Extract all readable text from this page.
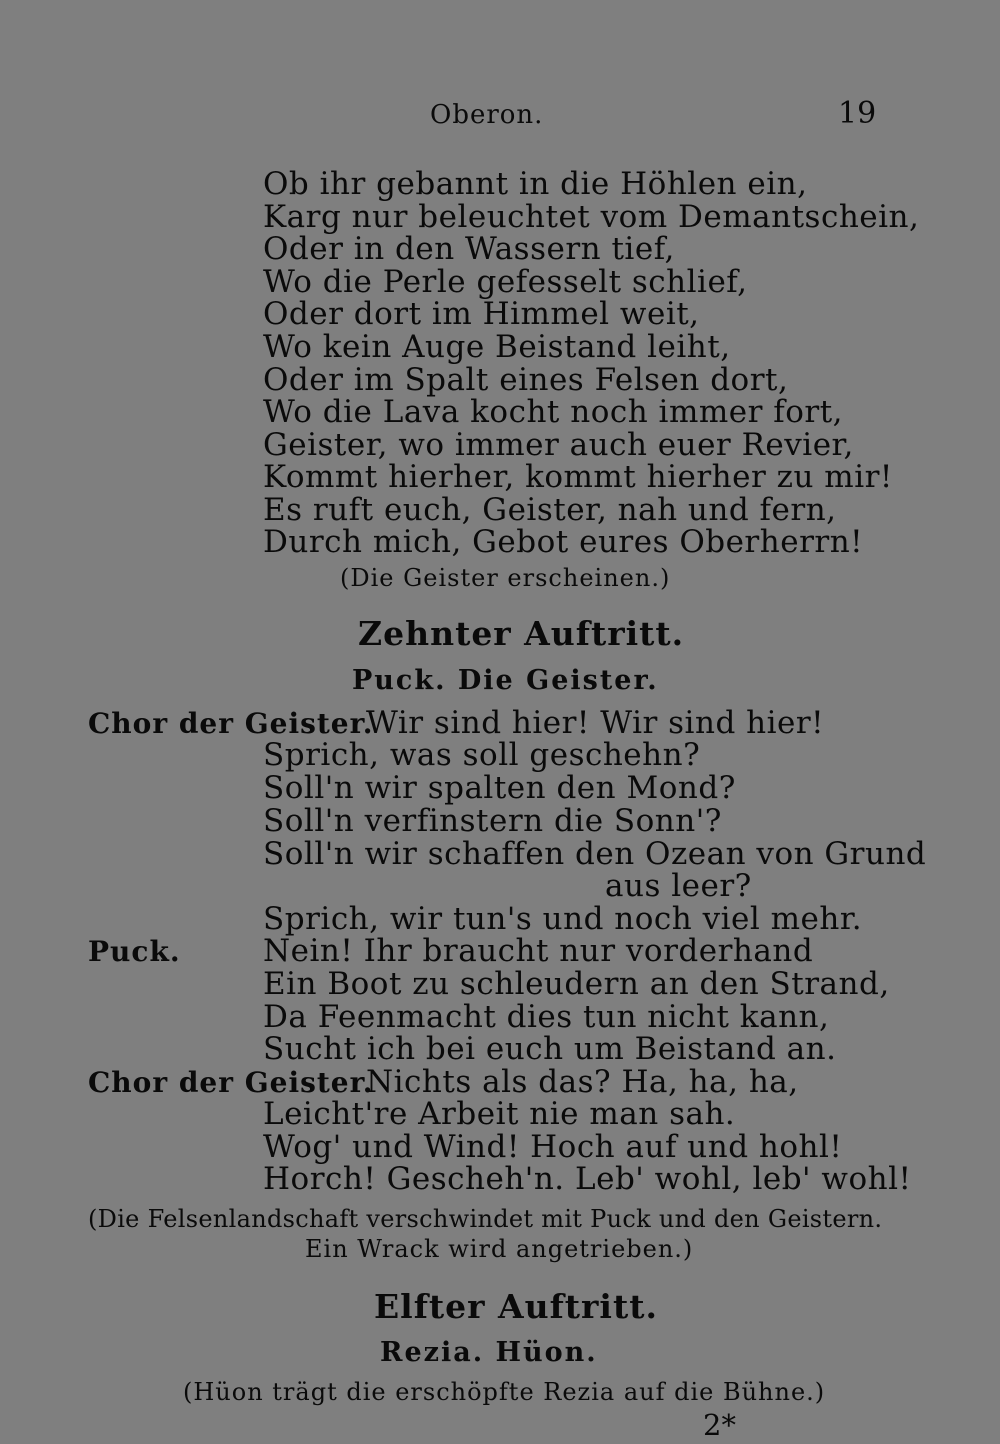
Oberon.	19
Ob ihr gebannt in die Höhlen ein,
Karg nur beleuchtet vom Demantschein,
Oder in den Wassern tief,
Wo die Perle gefesselt schlief,
Oder dort im Himmel weit,
Wo kein Auge Beistand leiht,
Oder im Spalt eines Felsen dort,
Wo die Lava kocht noch immer fort,
Geister, wo immer auch euer Revier,
Kommt hierher, kommt hierher zu mir!
Es ruft euch, Geister, nah und fern,
Durch mich, Gebot eures Oberherrn!
(Die Geister erscheinen.)
Zehnter Auftritt.
Puck. Die Geister.
Chor der Geister.
Wir sind hier! Wir sind hier!
Sprich, was soll geschehn?
Soll'n wir spalten den Mond?
Soll'n verfinstern die Sonn'?
Soll'n wir schaffen den Ozean von Grund
aus leer?
Sprich, wir tun's und noch viel mehr.
Puck.	Nein! Ihr braucht nur vorderhand
Ein Boot zu schleudern an den Strand,
Da Feenmacht dies tun nicht kann,
Sucht ich bei euch um Beistand an.
Chor der Geister.
Nichts als das? Ha, ha, ha,
Leicht're Arbeit nie man sah.
Wog' und Wind! Hoch auf und hohl!
Horch! Gescheh'n. Leb' wohl, leb' wohl!
(Die Felsenlandschaft verschwindet mit Puck und den Geistern.
Ein Wrack wird angetrieben.)
Elfter Auftritt.
Rezia. Hüon.
(Hüon trägt die erschöpfte Rezia auf die Bühne.)
2*
